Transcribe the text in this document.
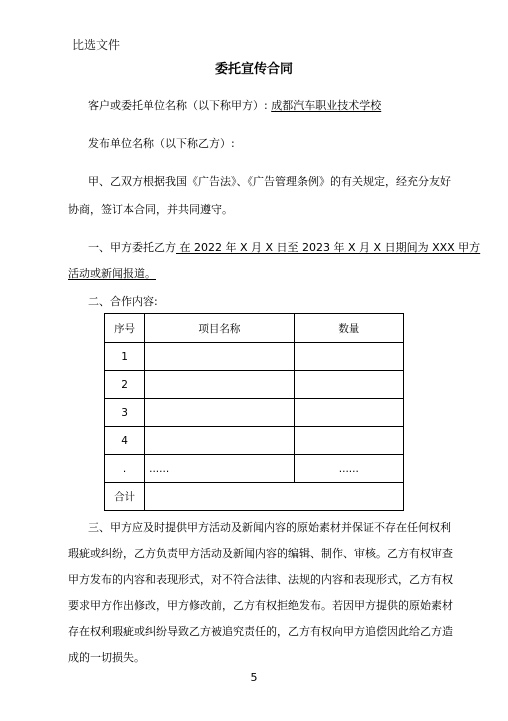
比选文件
委托宣传合同
客户或委托单位名称（以下称甲方）: 成都汽车职业技术学校
发布单位名称（以下称乙方）:
甲、乙双方根据我国《广告法》、《广告管理条例》的有关规定，经充分友好
协商，签订本合同，并共同遵守。
一、甲方委托乙方 在 2022 年 X 月 X 日至 2023 年 X 月 X 日期间为 XXX 甲方
活动或新闻报道。
二、合作内容:
序号	项目名称	数量
1		
2		
3		
4		
.	......	......
合计		
三、甲方应及时提供甲方活动及新闻内容的原始素材并保证不存在任何权利
瑕疵或纠纷，乙方负责甲方活动及新闻内容的编辑、制作、审核。乙方有权审查
甲方发布的内容和表现形式，对不符合法律、法规的内容和表现形式，乙方有权
要求甲方作出修改，甲方修改前，乙方有权拒绝发布。若因甲方提供的原始素材
存在权利瑕疵或纠纷导致乙方被追究责任的，乙方有权向甲方追偿因此给乙方造
成的一切损失。
5
